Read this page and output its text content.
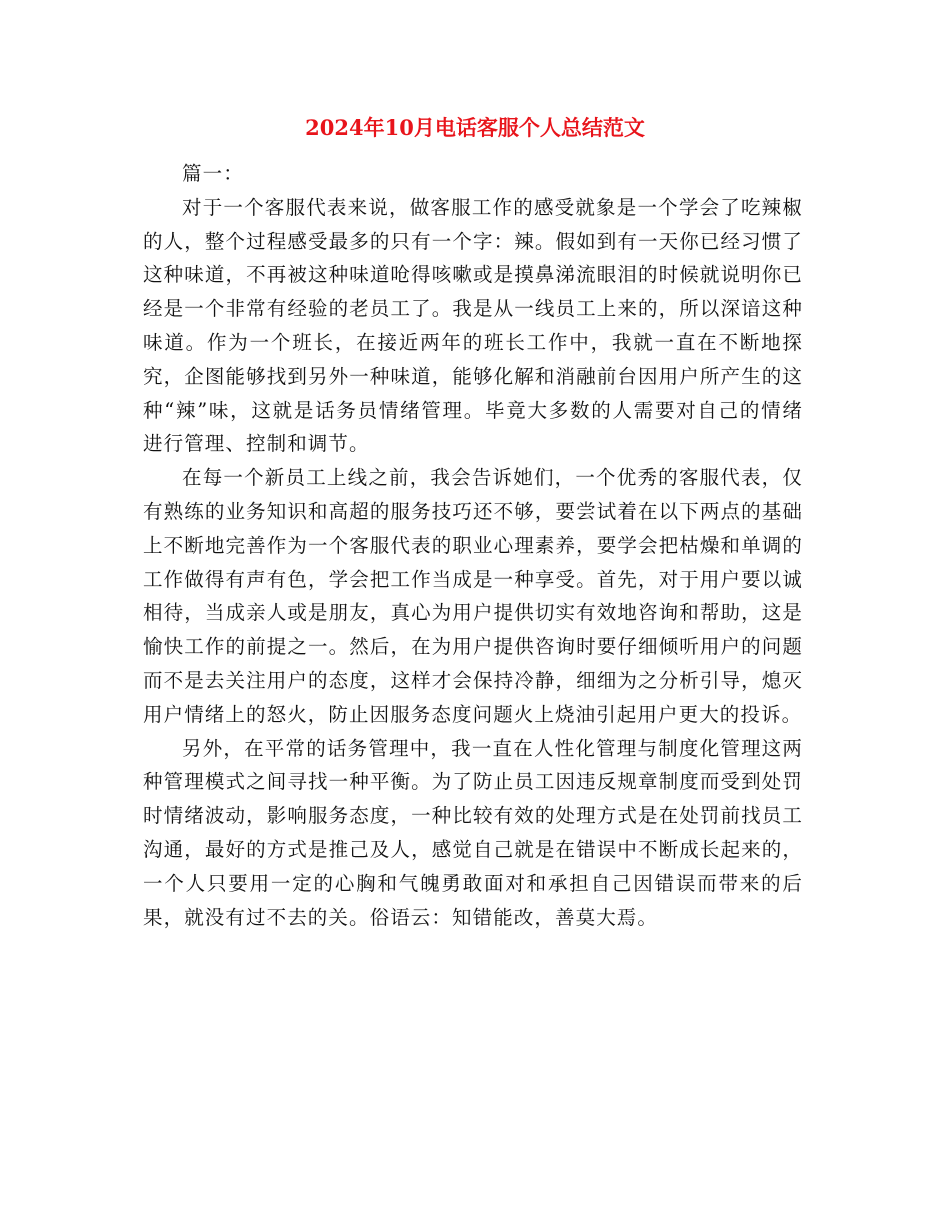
2024年10月电话客服个人总结范文

篇一：

对于一个客服代表来说，做客服工作的感受就象是一个学会了吃辣椒的人，整个过程感受最多的只有一个字：辣。假如到有一天你已经习惯了这种味道，不再被这种味道呛得咳嗽或是摸鼻涕流眼泪的时候就说明你已经是一个非常有经验的老员工了。我是从一线员工上来的，所以深谙这种味道。作为一个班长，在接近两年的班长工作中，我就一直在不断地探究，企图能够找到另外一种味道，能够化解和消融前台因用户所产生的这种“辣”味，这就是话务员情绪管理。毕竟大多数的人需要对自己的情绪进行管理、控制和调节。

在每一个新员工上线之前，我会告诉她们，一个优秀的客服代表，仅有熟练的业务知识和高超的服务技巧还不够，要尝试着在以下两点的基础上不断地完善作为一个客服代表的职业心理素养，要学会把枯燥和单调的工作做得有声有色，学会把工作当成是一种享受。首先，对于用户要以诚相待，当成亲人或是朋友，真心为用户提供切实有效地咨询和帮助，这是愉快工作的前提之一。然后，在为用户提供咨询时要仔细倾听用户的问题而不是去关注用户的态度，这样才会保持冷静，细细为之分析引导，熄灭用户情绪上的怒火，防止因服务态度问题火上烧油引起用户更大的投诉。

另外，在平常的话务管理中，我一直在人性化管理与制度化管理这两种管理模式之间寻找一种平衡。为了防止员工因违反规章制度而受到处罚时情绪波动，影响服务态度，一种比较有效的处理方式是在处罚前找员工沟通，最好的方式是推己及人，感觉自己就是在错误中不断成长起来的，一个人只要用一定的心胸和气魄勇敢面对和承担自己因错误而带来的后果，就没有过不去的关。俗语云：知错能改，善莫大焉。
